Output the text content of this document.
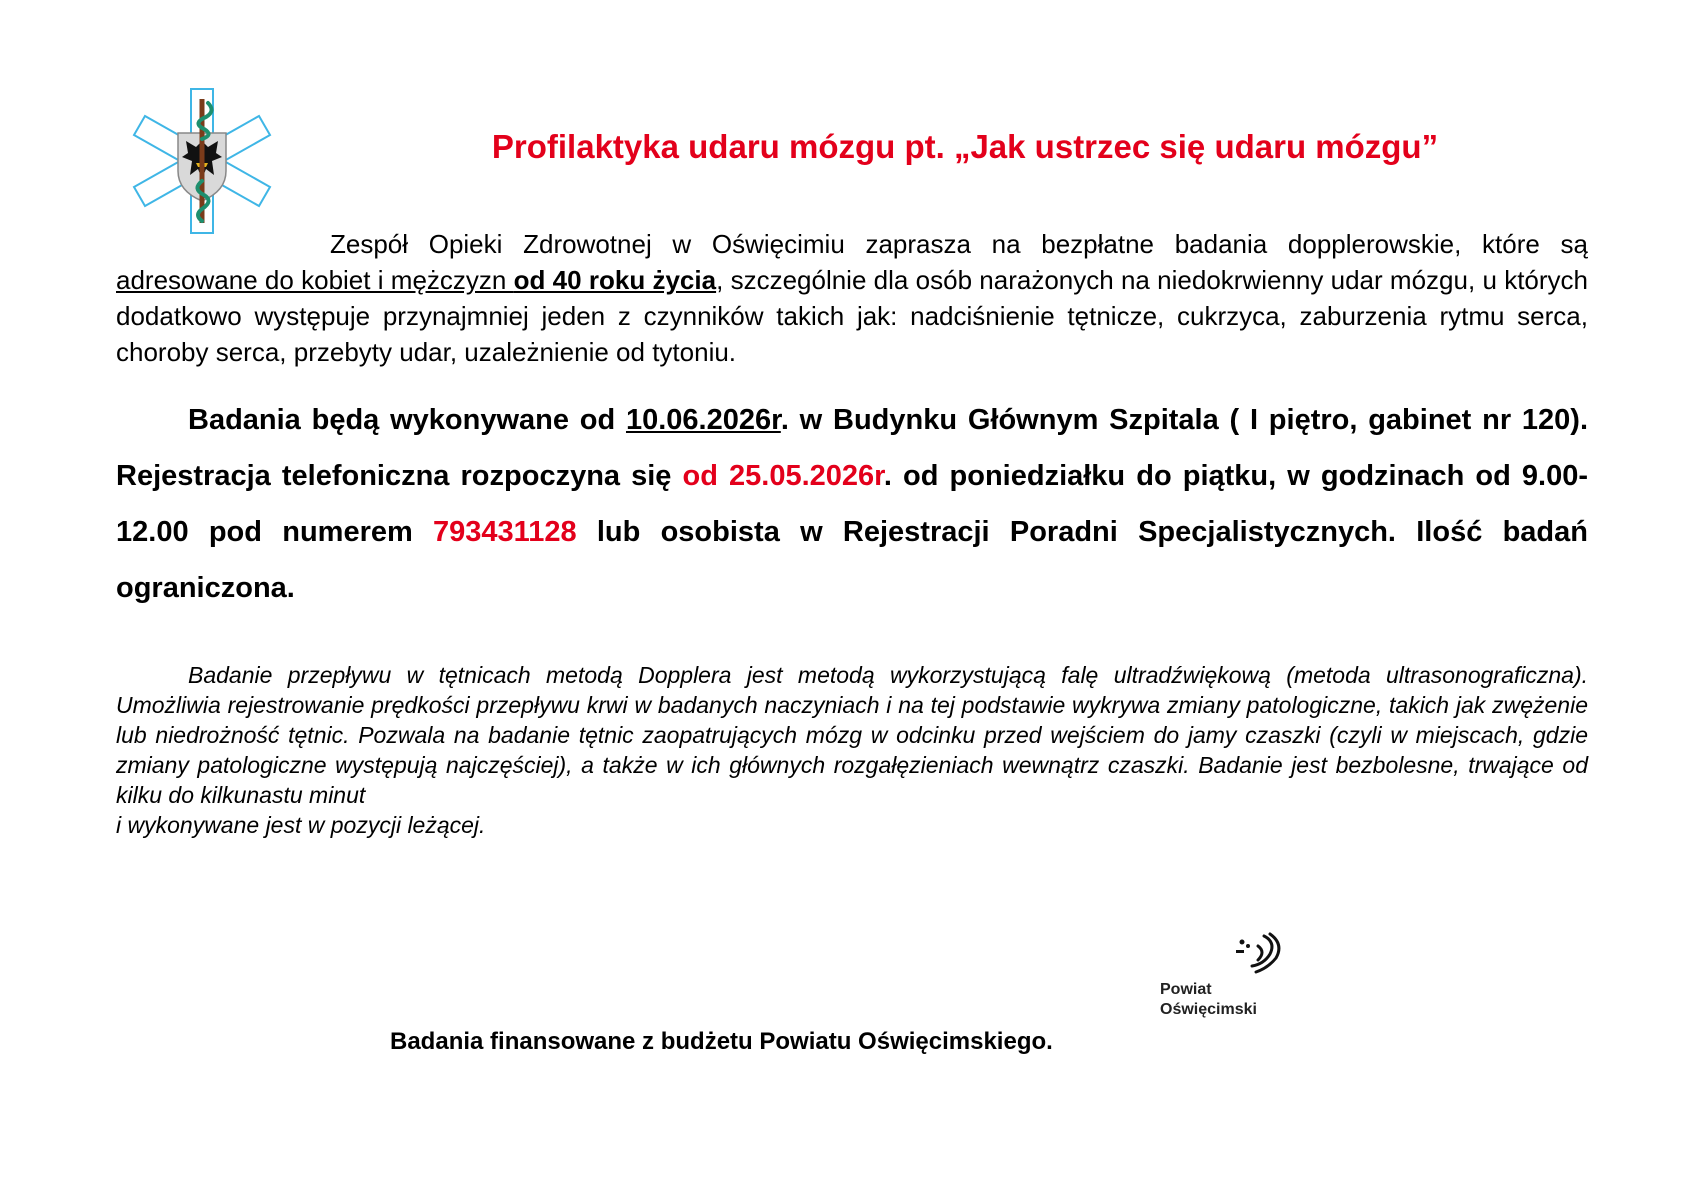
Profilaktyka udaru mózgu pt. „Jak ustrzec się udaru mózgu”
Zespół Opieki Zdrowotnej w Oświęcimiu zaprasza na bezpłatne badania dopplerowskie, które są adresowane do kobiet i mężczyzn od 40 roku życia, szczególnie dla osób narażonych na niedokrwienny udar mózgu, u których dodatkowo występuje przynajmniej jeden z czynników takich jak: nadciśnienie tętnicze, cukrzyca, zaburzenia rytmu serca, choroby serca, przebyty udar, uzależnienie od tytoniu.
Badania będą wykonywane od 10.06.2026r. w Budynku Głównym Szpitala ( I piętro, gabinet nr 120). Rejestracja telefoniczna rozpoczyna się od 25.05.2026r. od poniedziałku do piątku, w godzinach od 9.00-12.00 pod numerem 793431128 lub osobista w Rejestracji Poradni Specjalistycznych. Ilość badań ograniczona.
Badanie przepływu w tętnicach metodą Dopplera jest metodą wykorzystującą falę ultradźwiękową (metoda ultrasonograficzna). Umożliwia rejestrowanie prędkości przepływu krwi w badanych naczyniach i na tej podstawie wykrywa zmiany patologiczne, takich jak zwężenie lub niedrożność tętnic. Pozwala na badanie tętnic zaopatrujących mózg w odcinku przed wejściem do jamy czaszki (czyli w miejscach, gdzie zmiany patologiczne występują najczęściej), a także w ich głównych rozgałęzieniach wewnątrz czaszki. Badanie jest bezbolesne, trwające od kilku do kilkunastu minut
i wykonywane jest w pozycji leżącej.
Powiat
Oświęcimski
Badania finansowane z budżetu Powiatu Oświęcimskiego.
